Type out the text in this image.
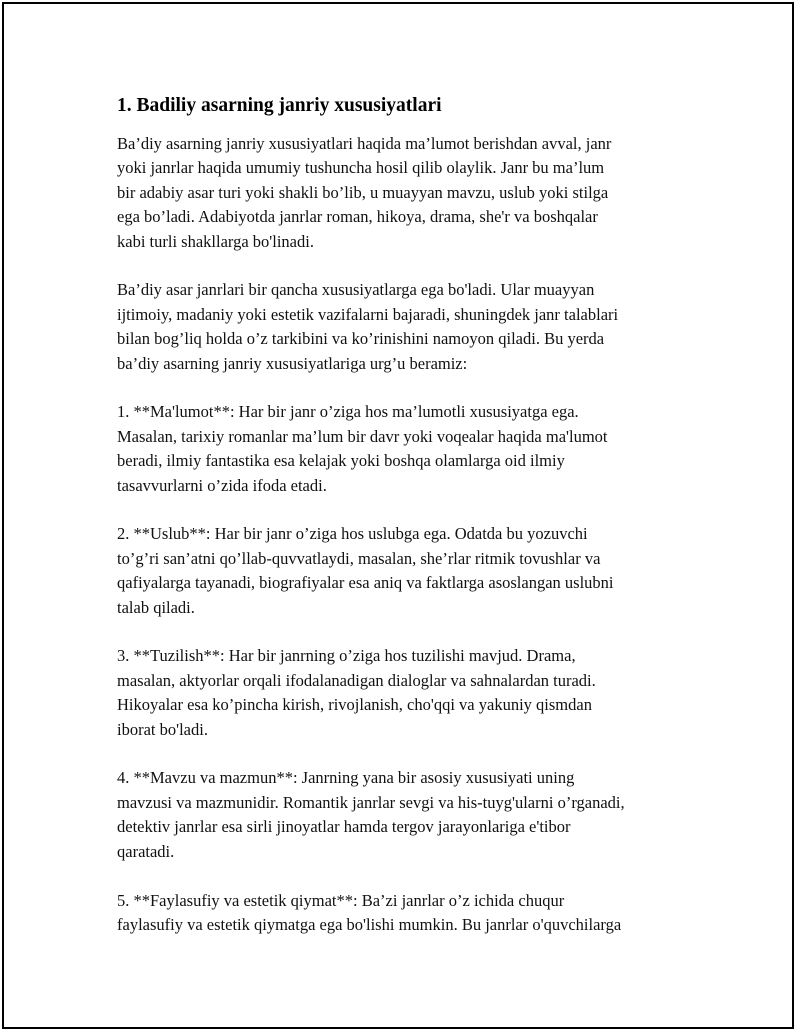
1. Badiliy asarning janriy xususiyatlari

Ba’diy asarning janriy xususiyatlari haqida ma’lumot berishdan avval, janr
yoki janrlar haqida umumiy tushuncha hosil qilib olaylik. Janr bu ma’lum
bir adabiy asar turi yoki shakli bo’lib, u muayyan mavzu, uslub yoki stilga
ega bo’ladi. Adabiyotda janrlar roman, hikoya, drama, she'r va boshqalar
kabi turli shakllarga bo'linadi.

Ba’diy asar janrlari bir qancha xususiyatlarga ega bo'ladi. Ular muayyan
ijtimoiy, madaniy yoki estetik vazifalarni bajaradi, shuningdek janr talablari
bilan bog’liq holda o’z tarkibini va ko’rinishini namoyon qiladi. Bu yerda
ba’diy asarning janriy xususiyatlariga urg’u beramiz:

1. **Ma'lumot**: Har bir janr o’ziga hos ma’lumotli xususiyatga ega.
Masalan, tarixiy romanlar ma’lum bir davr yoki voqealar haqida ma'lumot
beradi, ilmiy fantastika esa kelajak yoki boshqa olamlarga oid ilmiy
tasavvurlarni o’zida ifoda etadi.

2. **Uslub**: Har bir janr o’ziga hos uslubga ega. Odatda bu yozuvchi
to’g’ri san’atni qo’llab-quvvatlaydi, masalan, she’rlar ritmik tovushlar va
qafiyalarga tayanadi, biografiyalar esa aniq va faktlarga asoslangan uslubni
talab qiladi.

3. **Tuzilish**: Har bir janrning o’ziga hos tuzilishi mavjud. Drama,
masalan, aktyorlar orqali ifodalanadigan dialoglar va sahnalardan turadi.
Hikoyalar esa ko’pincha kirish, rivojlanish, cho'qqi va yakuniy qismdan
iborat bo'ladi.

4. **Mavzu va mazmun**: Janrning yana bir asosiy xususiyati uning
mavzusi va mazmunidir. Romantik janrlar sevgi va his-tuyg'ularni o’rganadi,
detektiv janrlar esa sirli jinoyatlar hamda tergov jarayonlariga e'tibor
qaratadi.

5. **Faylasufiy va estetik qiymat**: Ba’zi janrlar o’z ichida chuqur
faylasufiy va estetik qiymatga ega bo'lishi mumkin. Bu janrlar o'quvchilarga
